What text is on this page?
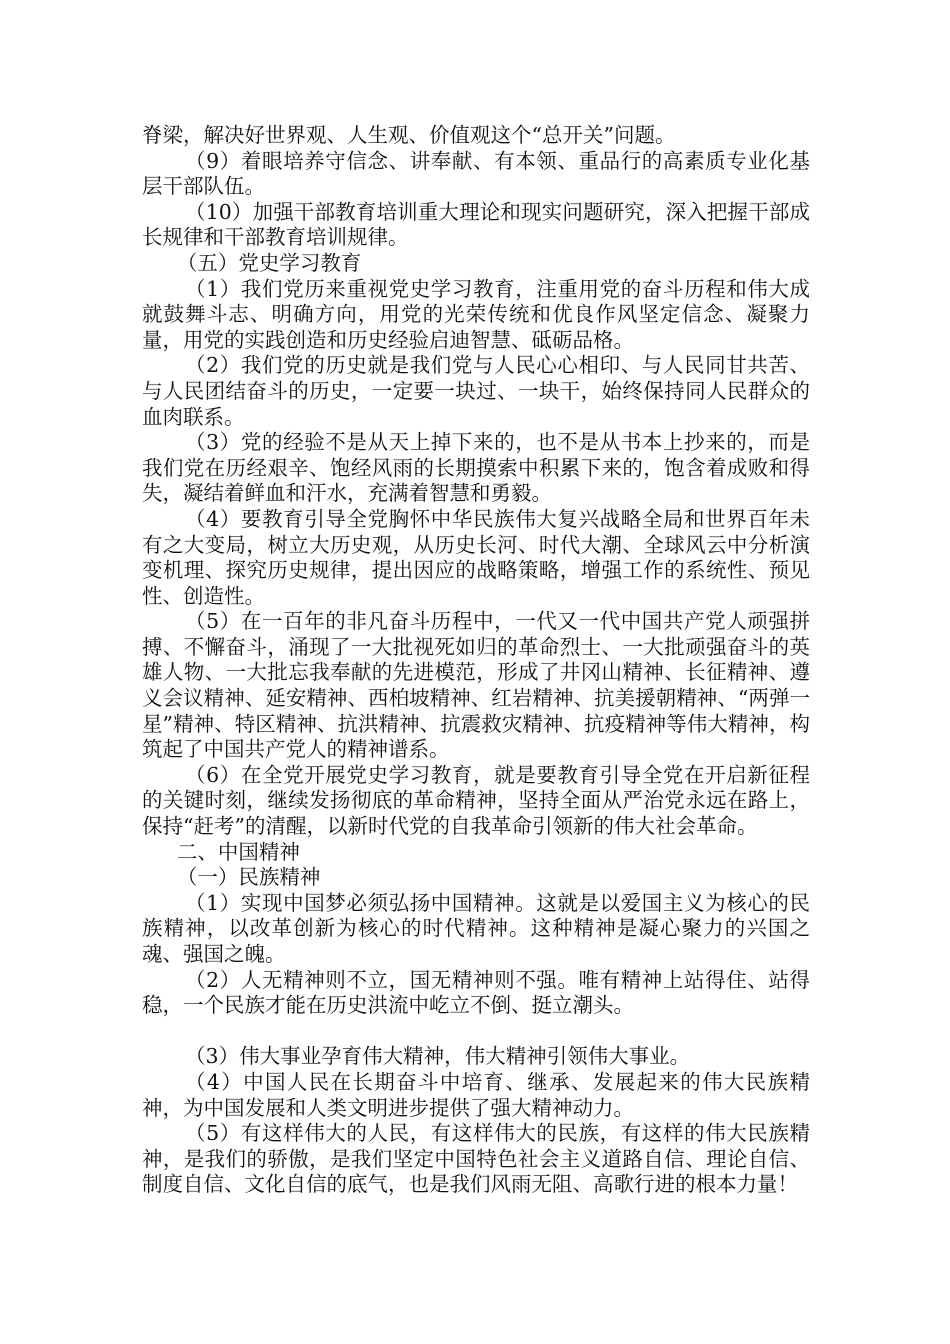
脊梁，解决好世界观、人生观、价值观这个“总开关”问题。

（9）着眼培养守信念、讲奉献、有本领、重品行的高素质专业化基层干部队伍。

（10）加强干部教育培训重大理论和现实问题研究，深入把握干部成长规律和干部教育培训规律。

（五）党史学习教育

（1）我们党历来重视党史学习教育，注重用党的奋斗历程和伟大成就鼓舞斗志、明确方向，用党的光荣传统和优良作风坚定信念、凝聚力量，用党的实践创造和历史经验启迪智慧、砥砺品格。

（2）我们党的历史就是我们党与人民心心相印、与人民同甘共苦、与人民团结奋斗的历史，一定要一块过、一块干，始终保持同人民群众的血肉联系。

（3）党的经验不是从天上掉下来的，也不是从书本上抄来的，而是我们党在历经艰辛、饱经风雨的长期摸索中积累下来的，饱含着成败和得失，凝结着鲜血和汗水，充满着智慧和勇毅。

（4）要教育引导全党胸怀中华民族伟大复兴战略全局和世界百年未有之大变局，树立大历史观，从历史长河、时代大潮、全球风云中分析演变机理、探究历史规律，提出因应的战略策略，增强工作的系统性、预见性、创造性。

（5）在一百年的非凡奋斗历程中，一代又一代中国共产党人顽强拼搏、不懈奋斗，涌现了一大批视死如归的革命烈士、一大批顽强奋斗的英雄人物、一大批忘我奉献的先进模范，形成了井冈山精神、长征精神、遵义会议精神、延安精神、西柏坡精神、红岩精神、抗美援朝精神、“两弹一星”精神、特区精神、抗洪精神、抗震救灾精神、抗疫精神等伟大精神，构筑起了中国共产党人的精神谱系。

（6）在全党开展党史学习教育，就是要教育引导全党在开启新征程的关键时刻，继续发扬彻底的革命精神，坚持全面从严治党永远在路上，保持“赶考”的清醒，以新时代党的自我革命引领新的伟大社会革命。

二、中国精神

（一）民族精神

（1）实现中国梦必须弘扬中国精神。这就是以爱国主义为核心的民族精神，以改革创新为核心的时代精神。这种精神是凝心聚力的兴国之魂、强国之魄。

（2）人无精神则不立，国无精神则不强。唯有精神上站得住、站得稳，一个民族才能在历史洪流中屹立不倒、挺立潮头。

（3）伟大事业孕育伟大精神，伟大精神引领伟大事业。

（4）中国人民在长期奋斗中培育、继承、发展起来的伟大民族精神，为中国发展和人类文明进步提供了强大精神动力。

（5）有这样伟大的人民，有这样伟大的民族，有这样的伟大民族精神，是我们的骄傲，是我们坚定中国特色社会主义道路自信、理论自信、制度自信、文化自信的底气，也是我们风雨无阻、高歌行进的根本力量！
